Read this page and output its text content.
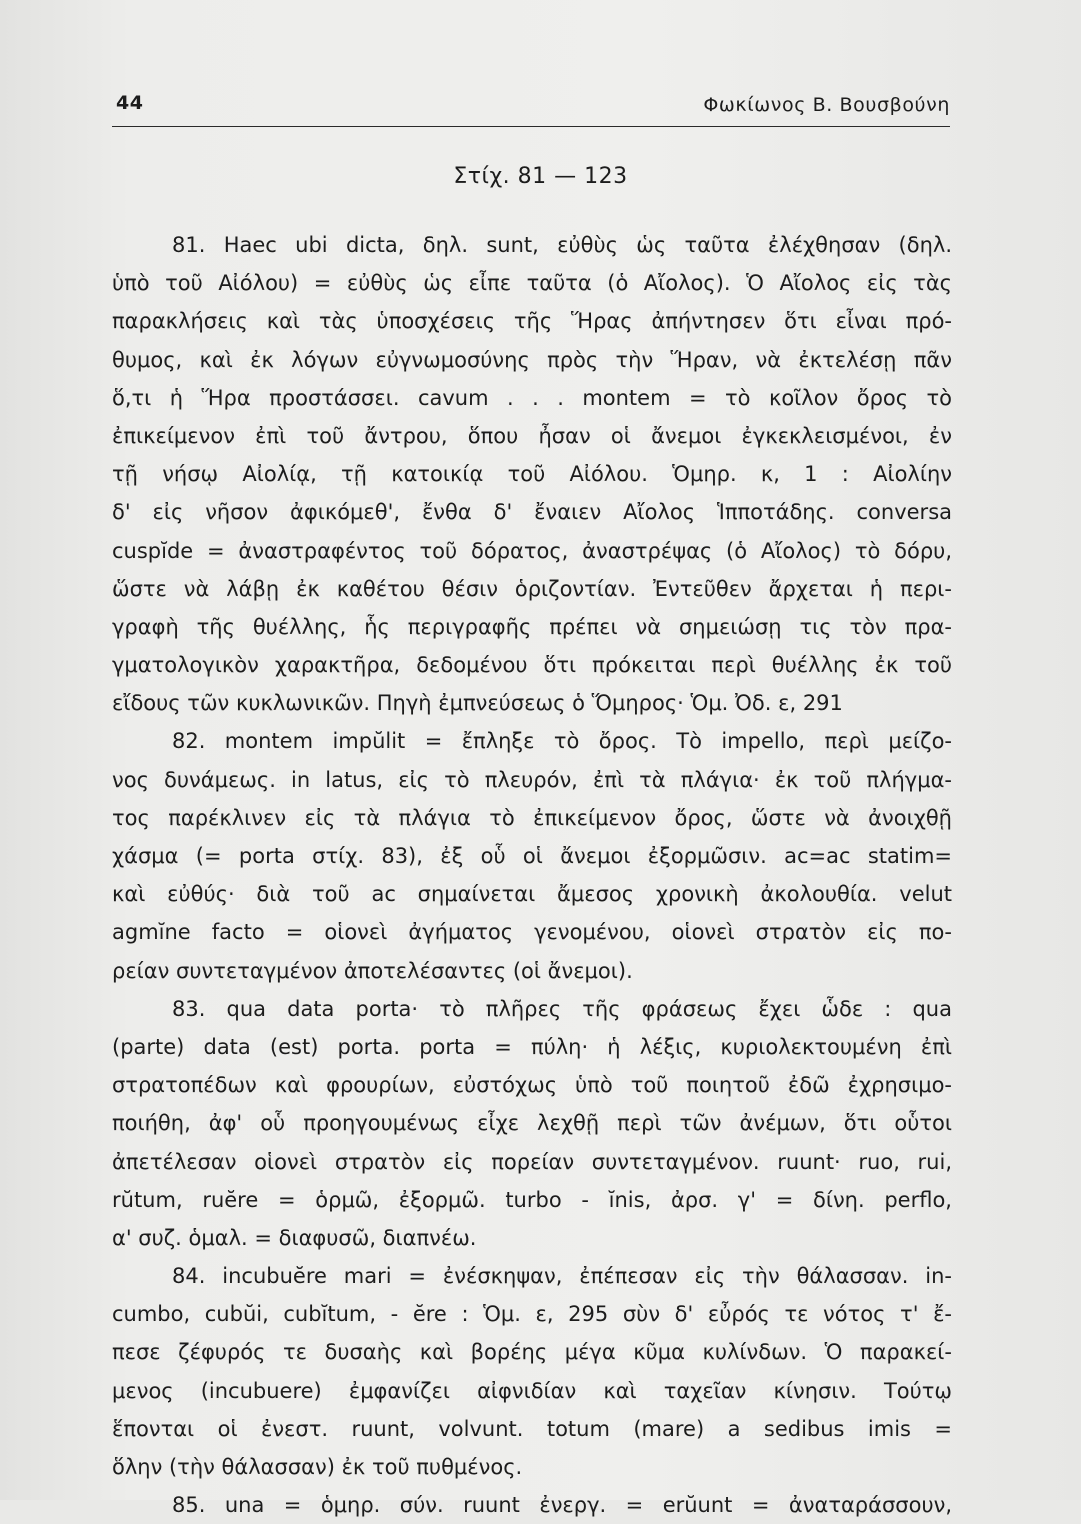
44	Φωκίωνος Β. Βουσβούνη
Στίχ. 81 — 123
81. Haec ubi dicta, δηλ. sunt, εὐθὺς ὡς ταῦτα ἐλέχθησαν (δηλ.
ὑπὸ τοῦ Αἰόλου) = εὐθὺς ὡς εἶπε ταῦτα (ὁ Αἴολος). Ὁ Αἴολος εἰς τὰς
παρακλήσεις καὶ τὰς ὑποσχέσεις τῆς Ἥρας ἀπήντησεν ὅτι εἶναι πρό-
θυμος, καὶ ἐκ λόγων εὐγνωμοσύνης πρὸς τὴν Ἥραν, νὰ ἐκτελέσῃ πᾶν
ὅ,τι ἡ Ἥρα προστάσσει. cavum . . . montem = τὸ κοῖλον ὄρος τὸ
ἐπικείμενον ἐπὶ τοῦ ἄντρου, ὅπου ἦσαν οἱ ἄνεμοι ἐγκεκλεισμένοι, ἐν
τῇ νήσῳ Αἰολίᾳ, τῇ κατοικίᾳ τοῦ Αἰόλου. Ὁμηρ. κ, 1 : Αἰολίην
δ' εἰς νῆσον ἀφικόμεθ', ἔνθα δ' ἔναιεν Αἴολος Ἱπποτάδης. conversa
cuspĭde = ἀναστραφέντος τοῦ δόρατος, ἀναστρέψας (ὁ Αἴολος) τὸ δόρυ,
ὥστε νὰ λάβῃ ἐκ καθέτου θέσιν ὁριζοντίαν. Ἐντεῦθεν ἄρχεται ἡ περι-
γραφὴ τῆς θυέλλης, ἧς περιγραφῆς πρέπει νὰ σημειώσῃ τις τὸν πρα-
γματολογικὸν χαρακτῆρα, δεδομένου ὅτι πρόκειται περὶ θυέλλης ἐκ τοῦ
εἴδους τῶν κυκλωνικῶν. Πηγὴ ἐμπνεύσεως ὁ Ὅμηρος· Ὁμ. Ὀδ. ε, 291
82. montem impŭlit = ἔπληξε τὸ ὄρος. Τὸ impello, περὶ μείζο-
νος δυνάμεως. in latus, εἰς τὸ πλευρόν, ἐπὶ τὰ πλάγια· ἐκ τοῦ πλήγμα-
τος παρέκλινεν εἰς τὰ πλάγια τὸ ἐπικείμενον ὄρος, ὥστε νὰ ἀνοιχθῇ
χάσμα (= porta στίχ. 83), ἐξ οὗ οἱ ἄνεμοι ἐξορμῶσιν. ac=ac statim=
καὶ εὐθύς· διὰ τοῦ ac σημαίνεται ἄμεσος χρονικὴ ἀκολουθία. velut
agmĭne facto = οἱονεὶ ἀγήματος γενομένου, οἱονεὶ στρατὸν εἰς πο-
ρείαν συντεταγμένον ἀποτελέσαντες (οἱ ἄνεμοι).
83. qua data porta· τὸ πλῆρες τῆς φράσεως ἔχει ὧδε : qua
(parte) data (est) porta. porta = πύλη· ἡ λέξις, κυριολεκτουμένη ἐπὶ
στρατοπέδων καὶ φρουρίων, εὐστόχως ὑπὸ τοῦ ποιητοῦ ἐδῶ ἐχρησιμο-
ποιήθη, ἀφ' οὗ προηγουμένως εἶχε λεχθῇ περὶ τῶν ἀνέμων, ὅτι οὗτοι
ἀπετέλεσαν οἱονεὶ στρατὸν εἰς πορείαν συντεταγμένον. ruunt· ruo, rui,
rŭtum, ruĕre = ὁρμῶ, ἐξορμῶ. turbo - ĭnis, ἀρσ. γ' = δίνη. perflo,
α' συζ. ὁμαλ. = διαφυσῶ, διαπνέω.
84. incubuĕre mari = ἐνέσκηψαν, ἐπέπεσαν εἰς τὴν θάλασσαν. in-
cumbo, cubŭi, cubĭtum, - ĕre : Ὁμ. ε, 295 σὺν δ' εὖρός τε νότος τ' ἔ-
πεσε ζέφυρός τε δυσαὴς καὶ βορέης μέγα κῦμα κυλίνδων. Ὁ παρακεί-
μενος (incubuere) ἐμφανίζει αἰφνιδίαν καὶ ταχεῖαν κίνησιν. Τούτῳ
ἕπονται οἱ ἐνεστ. ruunt, volvunt. totum (mare) a sedibus imis =
ὅλην (τὴν θάλασσαν) ἐκ τοῦ πυθμένος.
85. una = ὁμηρ. σύν. ruunt ἐνεργ. = erŭunt = ἀναταράσσουν,
